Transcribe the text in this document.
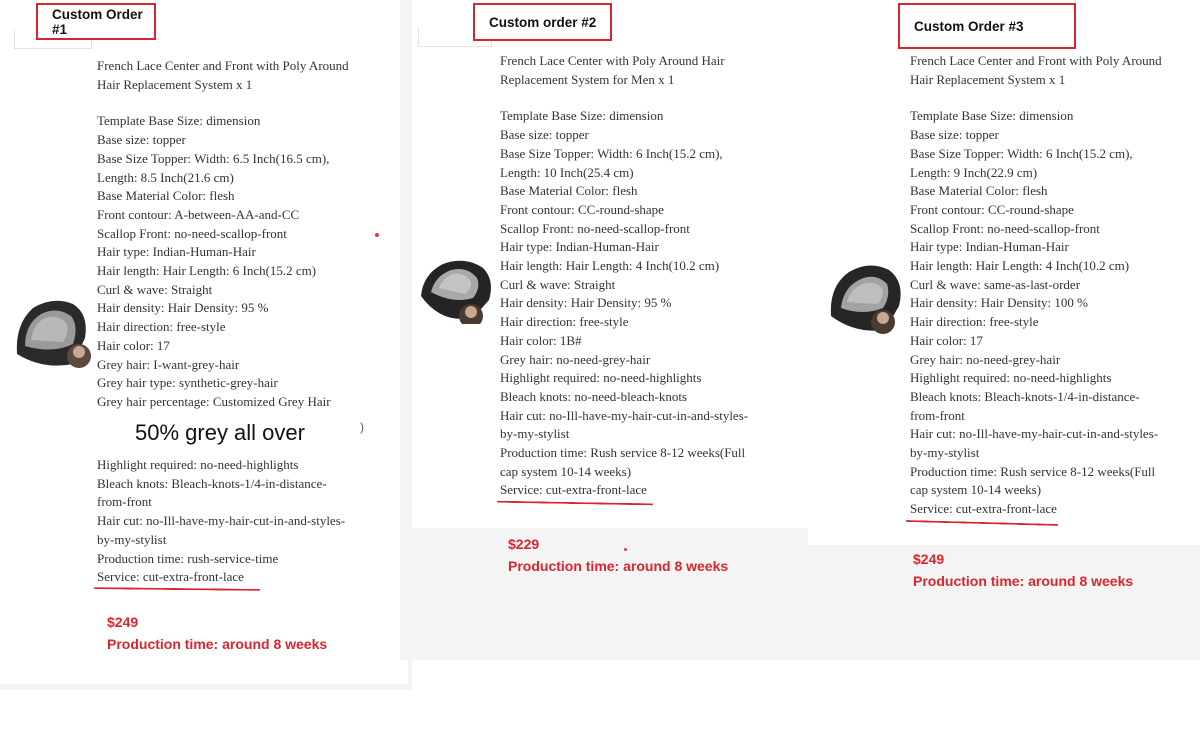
Custom Order #1
French Lace Center and Front with Poly Around
Hair Replacement System x 1
Template Base Size: dimension
Base size: topper
Base Size Topper: Width: 6.5 Inch(16.5 cm),
Length: 8.5 Inch(21.6 cm)
Base Material Color: flesh
Front contour: A-between-AA-and-CC
Scallop Front: no-need-scallop-front
Hair type: Indian-Human-Hair
Hair length: Hair Length: 6 Inch(15.2 cm)
Curl & wave: Straight
Hair density: Hair Density: 95 %
Hair direction: free-style
Hair color: 17
Grey hair: I-want-grey-hair
Grey hair type: synthetic-grey-hair
Grey hair percentage: Customized Grey Hair
50% grey all over	)
Highlight required: no-need-highlights
Bleach knots: Bleach-knots-1/4-in-distance-
from-front
Hair cut: no-Ill-have-my-hair-cut-in-and-styles-
by-my-stylist
Production time: rush-service-time
Service: cut-extra-front-lace
$249
Production time: around 8 weeks
Custom order #2
French Lace Center with Poly Around Hair
Replacement System for Men x 1
Template Base Size: dimension
Base size: topper
Base Size Topper: Width: 6 Inch(15.2 cm),
Length: 10 Inch(25.4 cm)
Base Material Color: flesh
Front contour: CC-round-shape
Scallop Front: no-need-scallop-front
Hair type: Indian-Human-Hair
Hair length: Hair Length: 4 Inch(10.2 cm)
Curl & wave: Straight
Hair density: Hair Density: 95 %
Hair direction: free-style
Hair color: 1B#
Grey hair: no-need-grey-hair
Highlight required: no-need-highlights
Bleach knots: no-need-bleach-knots
Hair cut: no-Ill-have-my-hair-cut-in-and-styles-
by-my-stylist
Production time: Rush service 8-12 weeks(Full
cap system 10-14 weeks)
Service: cut-extra-front-lace
$229
Production time: around 8 weeks
Custom Order #3
French Lace Center and Front with Poly Around
Hair Replacement System x 1
Template Base Size: dimension
Base size: topper
Base Size Topper: Width: 6 Inch(15.2 cm),
Length: 9 Inch(22.9 cm)
Base Material Color: flesh
Front contour: CC-round-shape
Scallop Front: no-need-scallop-front
Hair type: Indian-Human-Hair
Hair length: Hair Length: 4 Inch(10.2 cm)
Curl & wave: same-as-last-order
Hair density: Hair Density: 100 %
Hair direction: free-style
Hair color: 17
Grey hair: no-need-grey-hair
Highlight required: no-need-highlights
Bleach knots: Bleach-knots-1/4-in-distance-
from-front
Hair cut: no-Ill-have-my-hair-cut-in-and-styles-
by-my-stylist
Production time: Rush service 8-12 weeks(Full
cap system 10-14 weeks)
Service: cut-extra-front-lace
$249
Production time: around 8 weeks
